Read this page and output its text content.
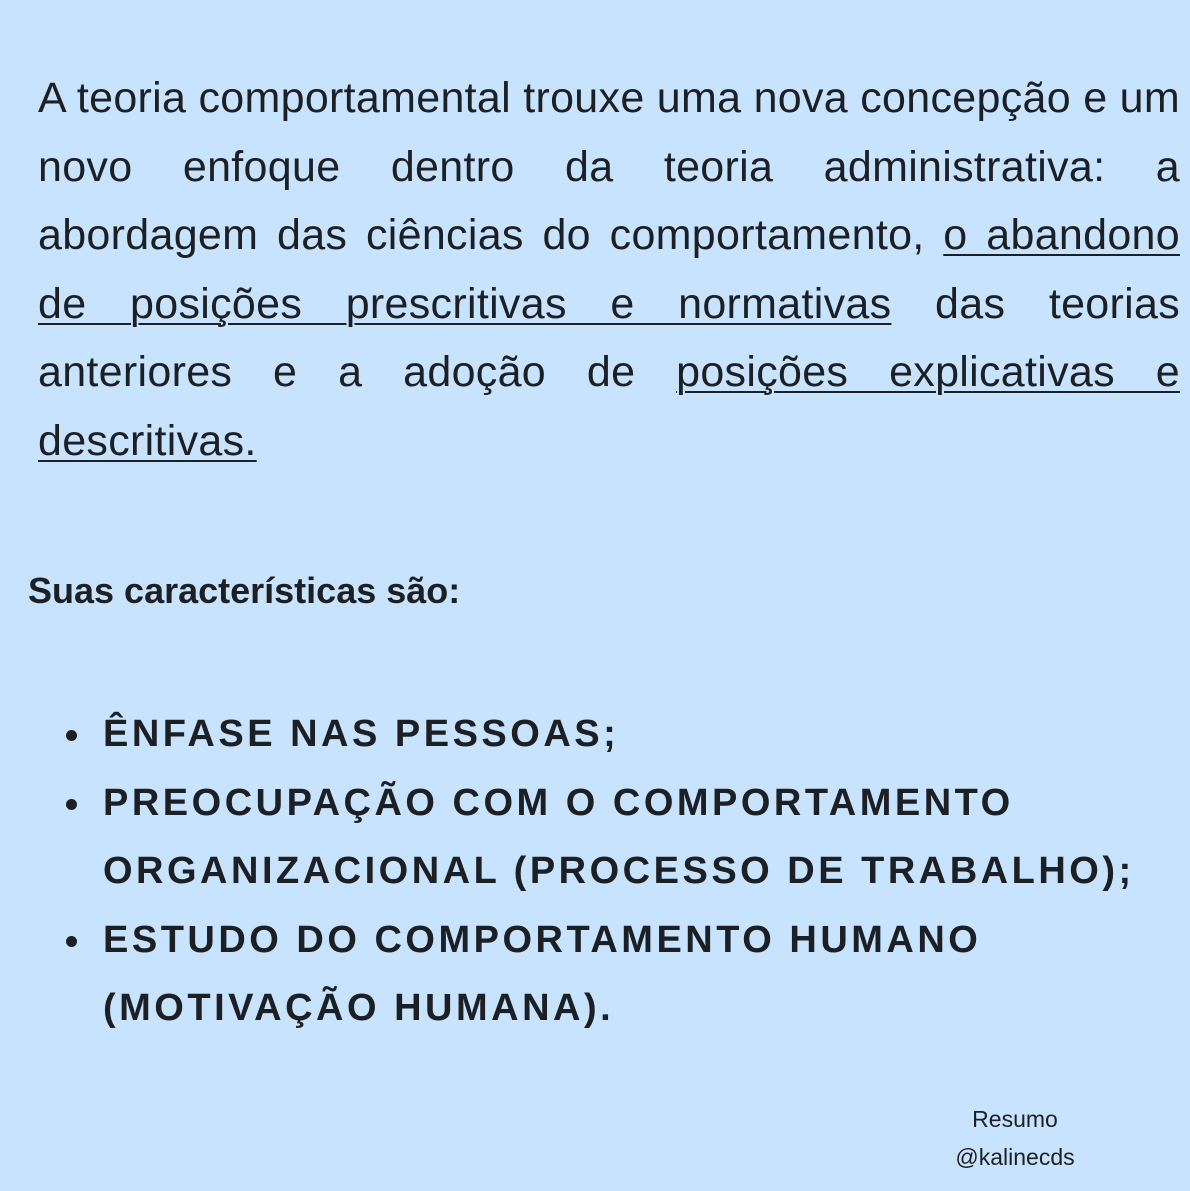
A teoria comportamental trouxe uma nova concepção e um novo enfoque dentro da teoria administrativa: a abordagem das ciências do comportamento, o abandono de posições prescritivas e normativas das teorias anteriores e a adoção de posições explicativas e descritivas.

Suas características são:
ÊNFASE NAS PESSOAS;
PREOCUPAÇÃO COM O COMPORTAMENTO ORGANIZACIONAL (PROCESSO DE TRABALHO);
ESTUDO DO COMPORTAMENTO HUMANO (MOTIVAÇÃO HUMANA).
Resumo
@kalinecds
